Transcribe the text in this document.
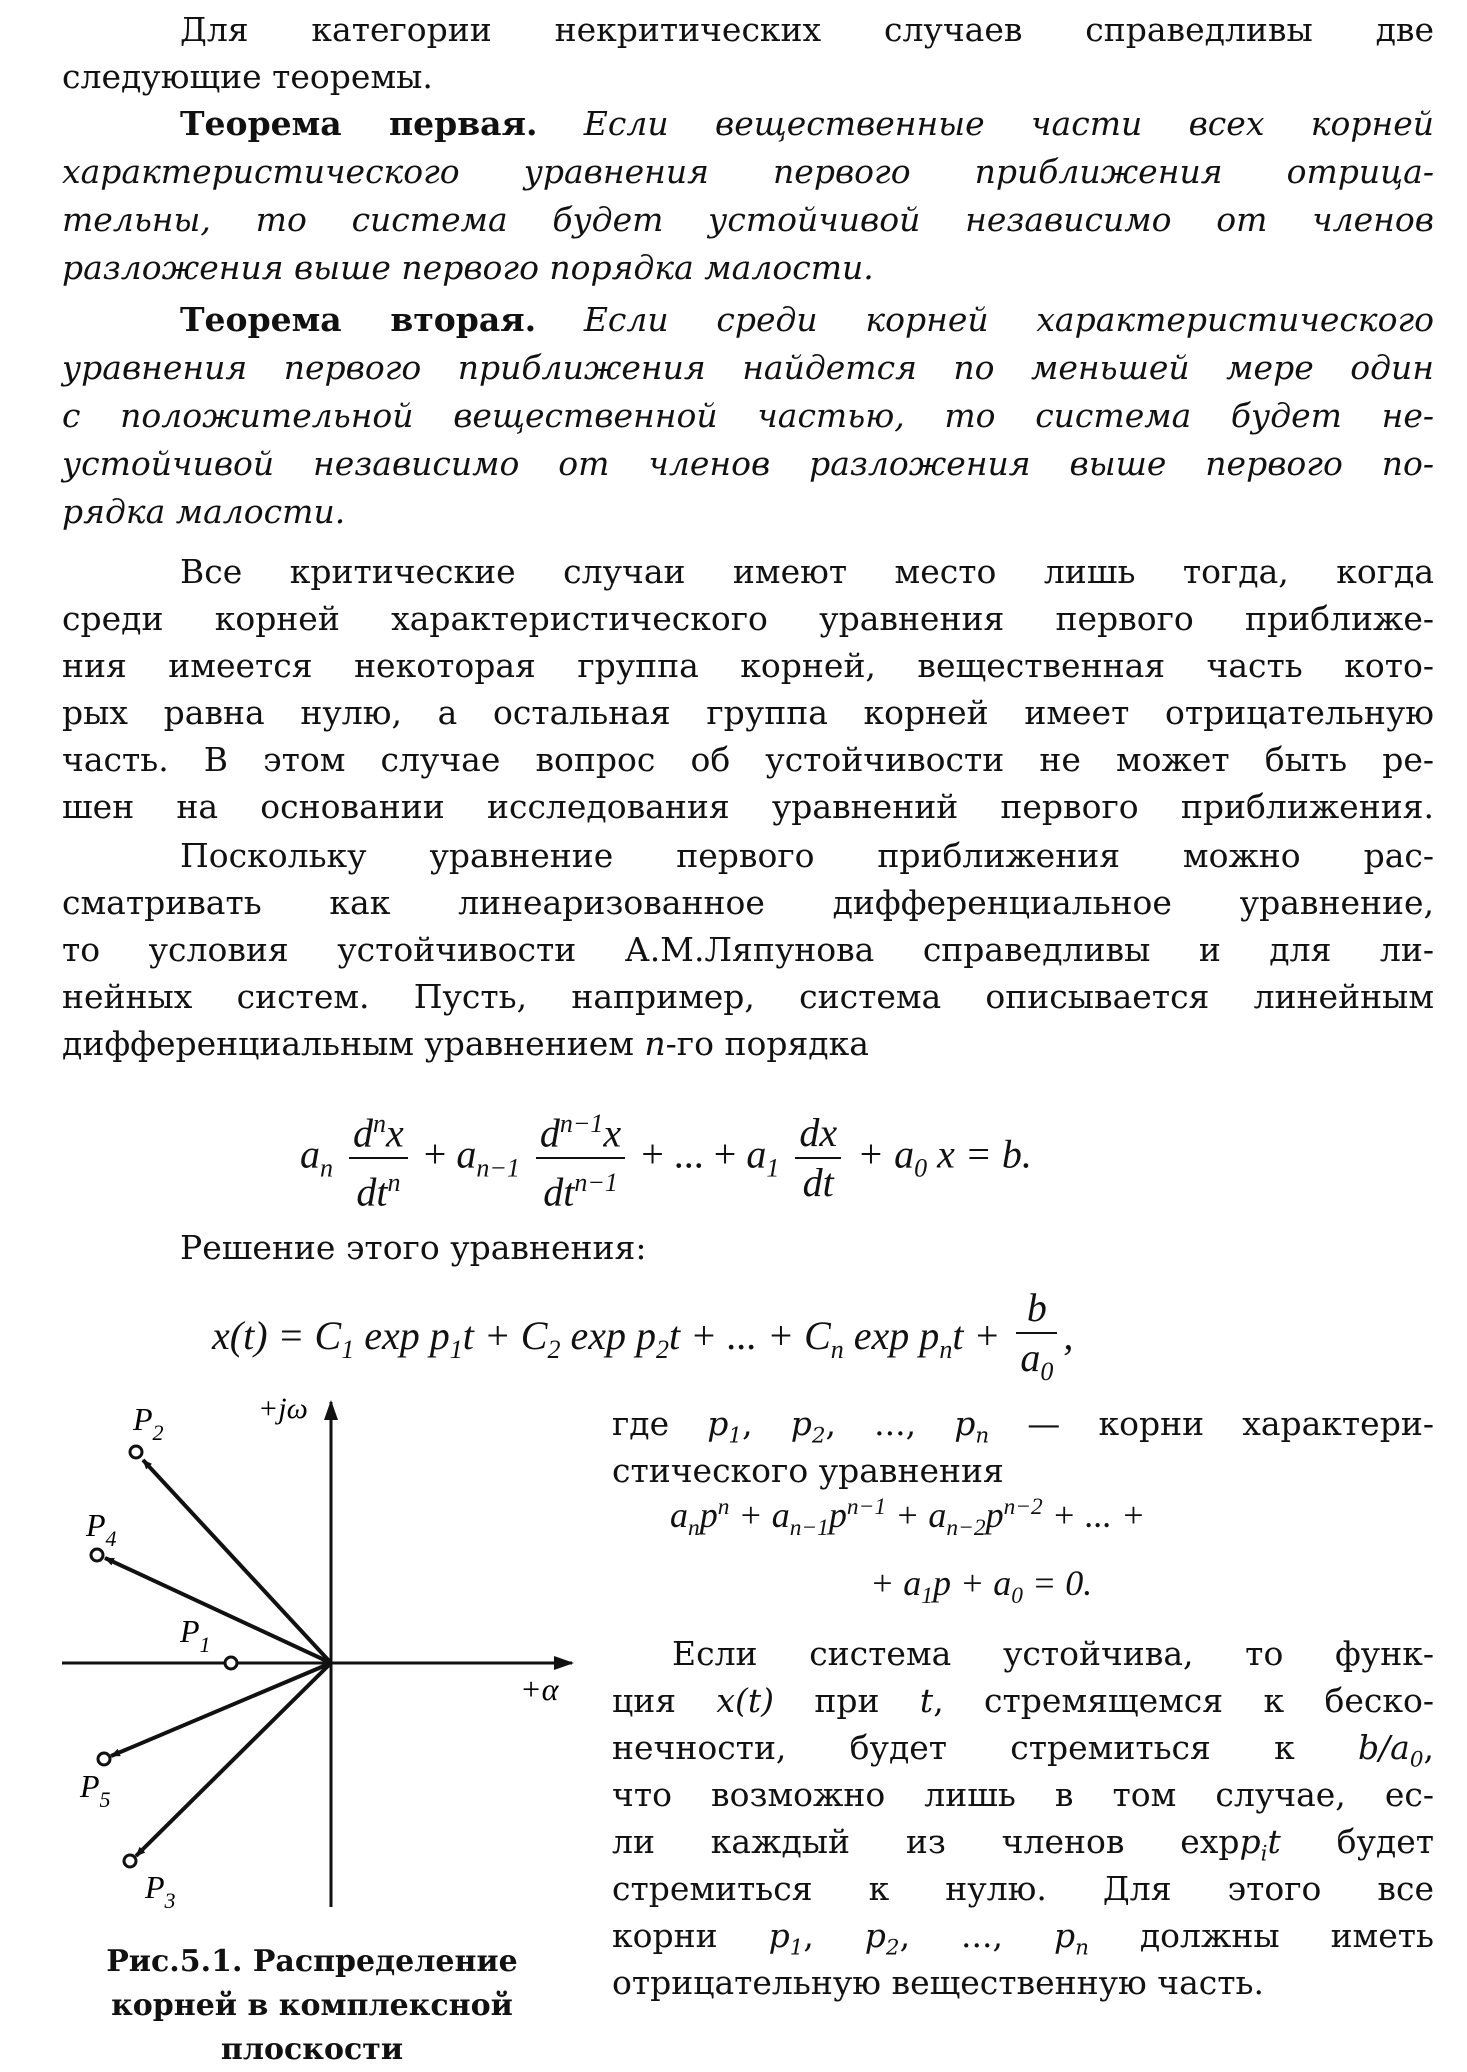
Для категории некритических случаев справедливы две
следующие теоремы.
Теорема первая. Если вещественные части всех корней
характеристического уравнения первого приближения отрица-
тельны, то система будет устойчивой независимо от членов
разложения выше первого порядка малости.
Теорема вторая. Если среди корней характеристического
уравнения первого приближения найдется по меньшей мере один
с положительной вещественной частью, то система будет не-
устойчивой независимо от членов разложения выше первого по-
рядка малости.
Все критические случаи имеют место лишь тогда, когда
среди корней характеристического уравнения первого приближе-
ния имеется некоторая группа корней, вещественная часть кото-
рых равна нулю, а остальная группа корней имеет отрицательную
часть. В этом случае вопрос об устойчивости не может быть ре-
шен на основании исследования уравнений первого приближения.
Поскольку уравнение первого приближения можно рас-
сматривать как линеаризованное дифференциальное уравнение,
то условия устойчивости А.М.Ляпунова справедливы и для ли-
нейных систем. Пусть, например, система описывается линейным
дифференциальным уравнением n-го порядка
$a_n \frac{d^nx}{dt^n} + a_{n-1} \frac{d^{n-1}x}{dt^{n-1}}$ + ... + $a_1 \frac{dx}{dt} + a_0$ x = b.
Решение этого уравнения:
$x(t) = C_1$ $\exp p_1t + C_2$ $\exp p_2t$ + ... + $C_n$ $\exp p_nt + \frac{b}{a_0}$ ,
+jω
+α
$P_2$
$P_4$
$P_1$
$P_5$
$P_3$
Рис.5.1. Распределение
корней в комплексной
плоскости
где $p_1$, $p_2$, ..., $p_n$ — корни характери-
стического уравнения
$a_np^n + a_{n-1}p^{n-1} + a_{n-2}p^{n-2}$ + ... +
+ $a_1p + a_0 = 0$.
Если система устойчива, то функ-
ция x(t) при t, стремящемся к беско-
нечности, будет стремиться к $b/a_0$,
что возможно лишь в том случае, ес-
ли каждый из членов expp$_i$t будет
стремиться к нулю. Для этого все
корни $p_1$, $p_2$, ..., $p_n$ должны иметь
отрицательную вещественную часть.
